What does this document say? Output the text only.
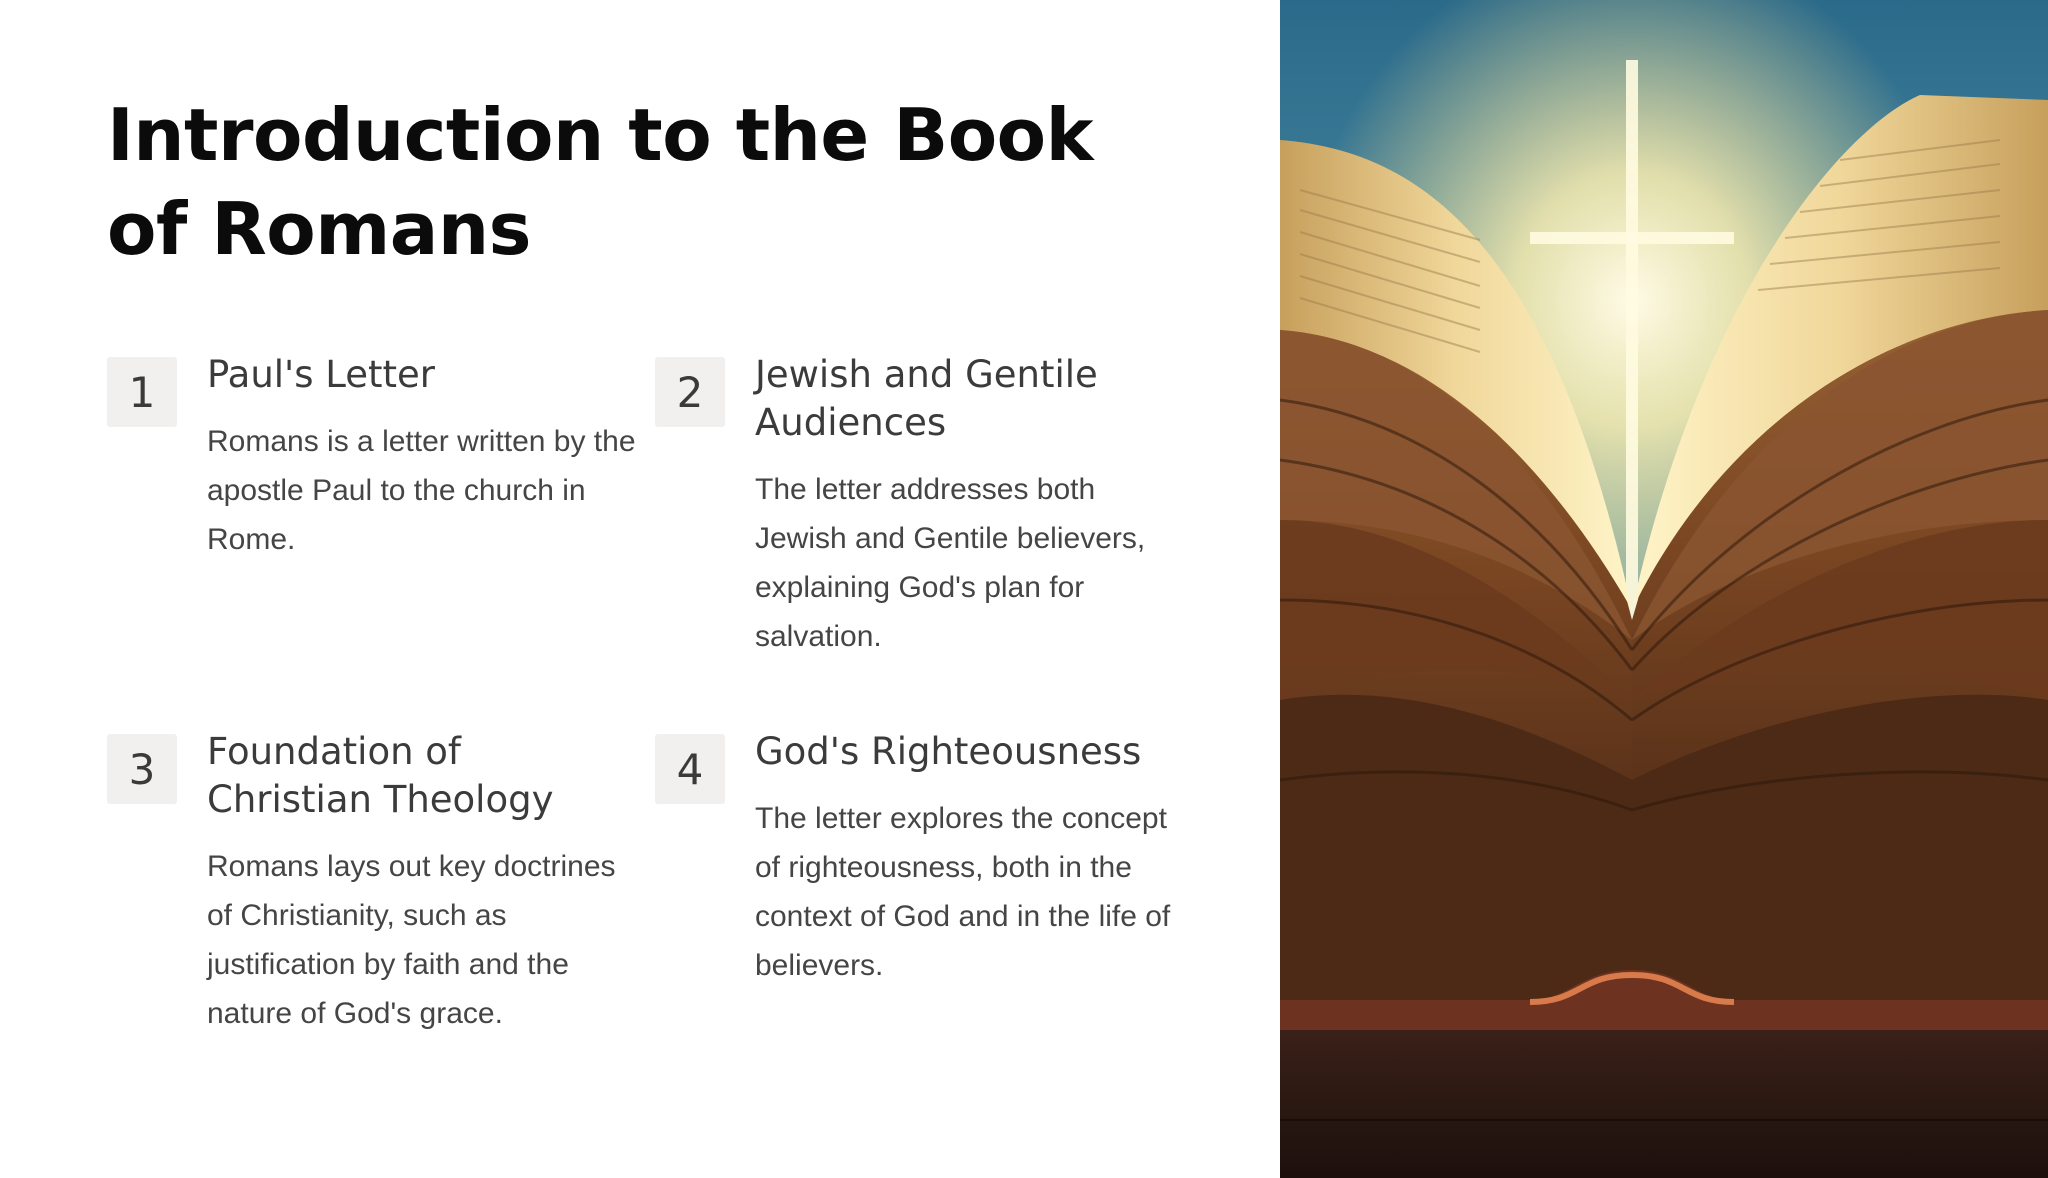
Introduction to the Book of Romans
1	Paul's Letter
Romans is a letter written by the apostle Paul to the church in Rome.
2	Jewish and Gentile Audiences
The letter addresses both Jewish and Gentile believers, explaining God's plan for salvation.
3	Foundation of Christian Theology
Romans lays out key doctrines of Christianity, such as justification by faith and the nature of God's grace.
4	God's Righteousness
The letter explores the concept of righteousness, both in the context of God and in the life of believers.
